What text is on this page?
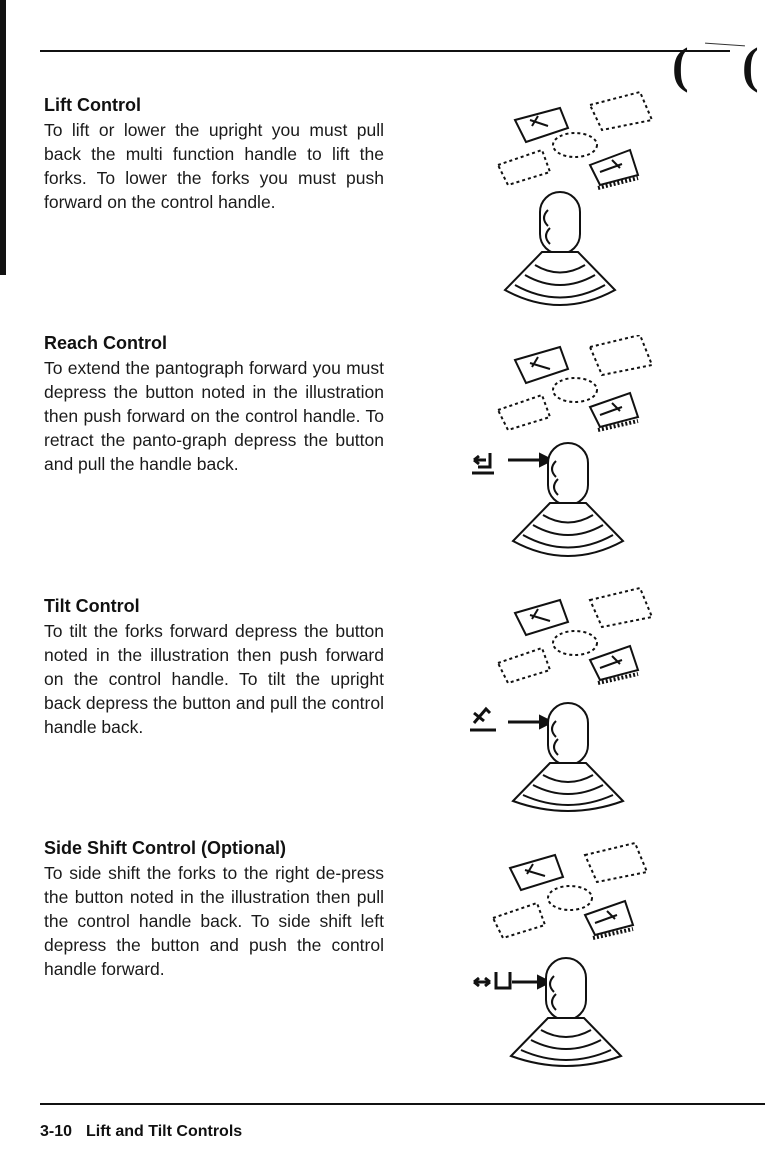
( (
Lift Control

To lift or lower the upright you must pull back the multi function handle to lift the forks. To lower the forks you must push forward on the control handle.

Reach Control

To extend the pantograph forward you must depress the button noted in the illustration then push forward on the control handle. To retract the panto-graph depress the button and pull the handle back.

Tilt Control

To tilt the forks forward depress the button noted in the illustration then push forward on the control handle. To tilt the upright back depress the button and pull the control handle back.

Side Shift Control (Optional)

To side shift the forks to the right de-press the button noted in the illustration then pull the control handle back. To side shift left depress the button and push the control handle forward.

3-10 Lift and Tilt Controls
